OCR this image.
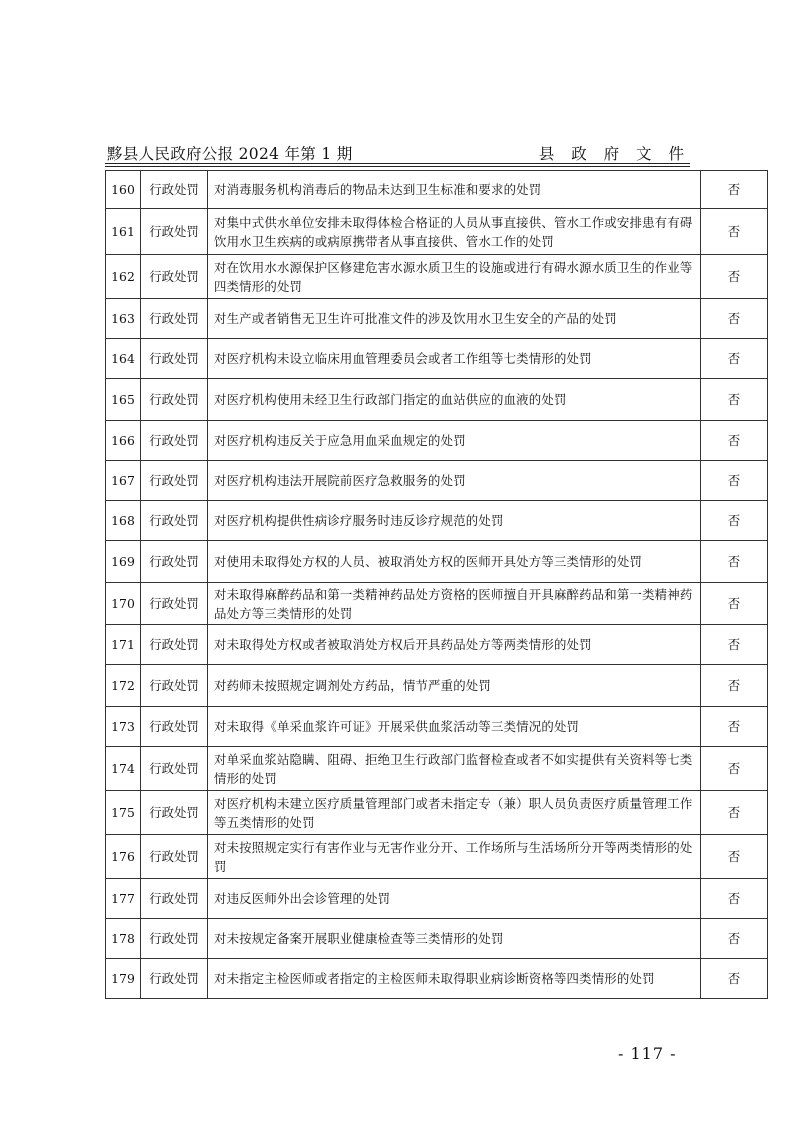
黟县人民政府公报 2024 年第 1 期	县 政 府 文 件
160	行政处罚	对消毒服务机构消毒后的物品未达到卫生标准和要求的处罚	否
161	行政处罚	对集中式供水单位安排未取得体检合格证的人员从事直接供、管水工作或安排患有有碍饮用水卫生疾病的或病原携带者从事直接供、管水工作的处罚	否
162	行政处罚	对在饮用水水源保护区修建危害水源水质卫生的设施或进行有碍水源水质卫生的作业等四类情形的处罚	否
163	行政处罚	对生产或者销售无卫生许可批准文件的涉及饮用水卫生安全的产品的处罚	否
164	行政处罚	对医疗机构未设立临床用血管理委员会或者工作组等七类情形的处罚	否
165	行政处罚	对医疗机构使用未经卫生行政部门指定的血站供应的血液的处罚	否
166	行政处罚	对医疗机构违反关于应急用血采血规定的处罚	否
167	行政处罚	对医疗机构违法开展院前医疗急救服务的处罚	否
168	行政处罚	对医疗机构提供性病诊疗服务时违反诊疗规范的处罚	否
169	行政处罚	对使用未取得处方权的人员、被取消处方权的医师开具处方等三类情形的处罚	否
170	行政处罚	对未取得麻醉药品和第一类精神药品处方资格的医师擅自开具麻醉药品和第一类精神药品处方等三类情形的处罚	否
171	行政处罚	对未取得处方权或者被取消处方权后开具药品处方等两类情形的处罚	否
172	行政处罚	对药师未按照规定调剂处方药品，情节严重的处罚	否
173	行政处罚	对未取得《单采血浆许可证》开展采供血浆活动等三类情况的处罚	否
174	行政处罚	对单采血浆站隐瞒、阻碍、拒绝卫生行政部门监督检查或者不如实提供有关资料等七类情形的处罚	否
175	行政处罚	对医疗机构未建立医疗质量管理部门或者未指定专（兼）职人员负责医疗质量管理工作等五类情形的处罚	否
176	行政处罚	对未按照规定实行有害作业与无害作业分开、工作场所与生活场所分开等两类情形的处罚	否
177	行政处罚	对违反医师外出会诊管理的处罚	否
178	行政处罚	对未按规定备案开展职业健康检查等三类情形的处罚	否
179	行政处罚	对未指定主检医师或者指定的主检医师未取得职业病诊断资格等四类情形的处罚	否
- 117 -
